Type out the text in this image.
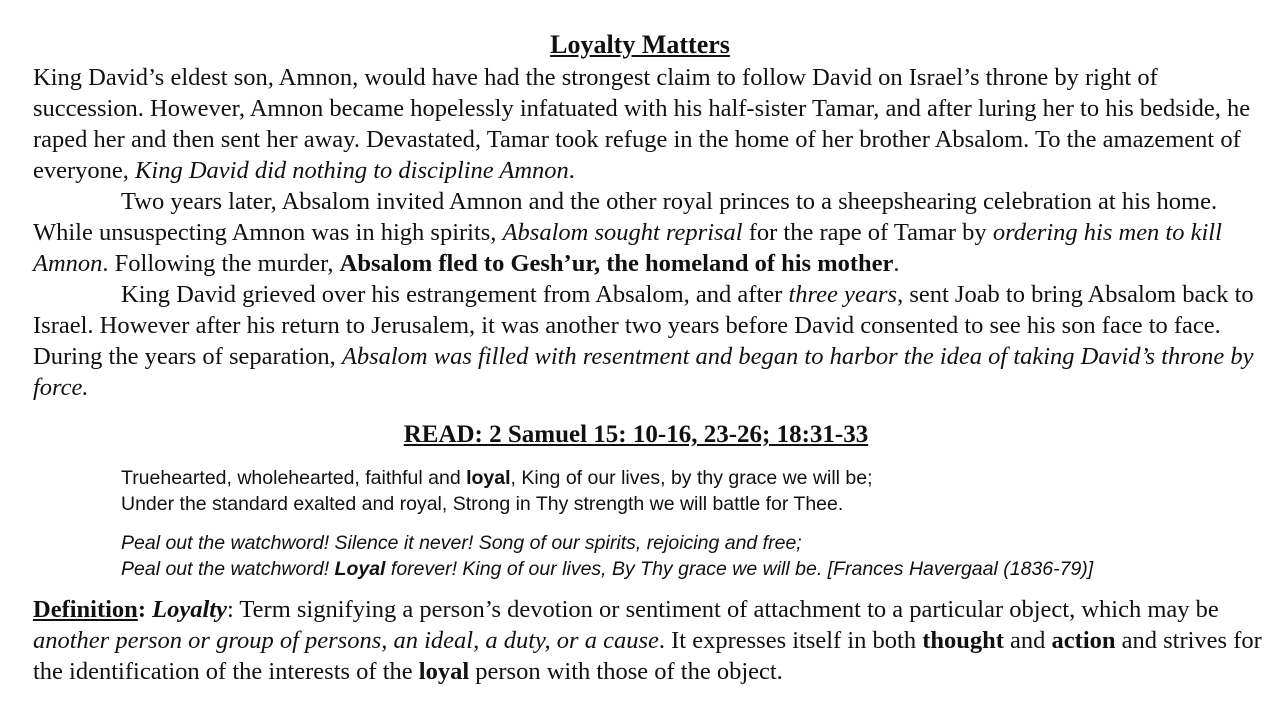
Loyalty Matters

King David’s eldest son, Amnon, would have had the strongest claim to follow David on Israel’s throne by right of succession. However, Amnon became hopelessly infatuated with his half-sister Tamar, and after luring her to his bedside, he raped her and then sent her away. Devastated, Tamar took refuge in the home of her brother Absalom. To the amazement of everyone, King David did nothing to discipline Amnon.

Two years later, Absalom invited Amnon and the other royal princes to a sheepshearing celebration at his home. While unsuspecting Amnon was in high spirits, Absalom sought reprisal for the rape of Tamar by ordering his men to kill Amnon. Following the murder, Absalom fled to Gesh’ur, the homeland of his mother.

King David grieved over his estrangement from Absalom, and after three years, sent Joab to bring Absalom back to Israel. However after his return to Jerusalem, it was another two years before David consented to see his son face to face. During the years of separation, Absalom was filled with resentment and began to harbor the idea of taking David’s throne by force.

READ: 2 Samuel 15: 10-16, 23-26; 18:31-33

Truehearted, wholehearted, faithful and loyal, King of our lives, by thy grace we will be;

Under the standard exalted and royal, Strong in Thy strength we will battle for Thee.

Peal out the watchword! Silence it never! Song of our spirits, rejoicing and free;

Peal out the watchword! Loyal forever! King of our lives, By Thy grace we will be. [Frances Havergaal (1836-79)]

Definition: Loyalty: Term signifying a person’s devotion or sentiment of attachment to a particular object, which may be another person or group of persons, an ideal, a duty, or a cause. It expresses itself in both thought and action and strives for the identification of the interests of the loyal person with those of the object.
